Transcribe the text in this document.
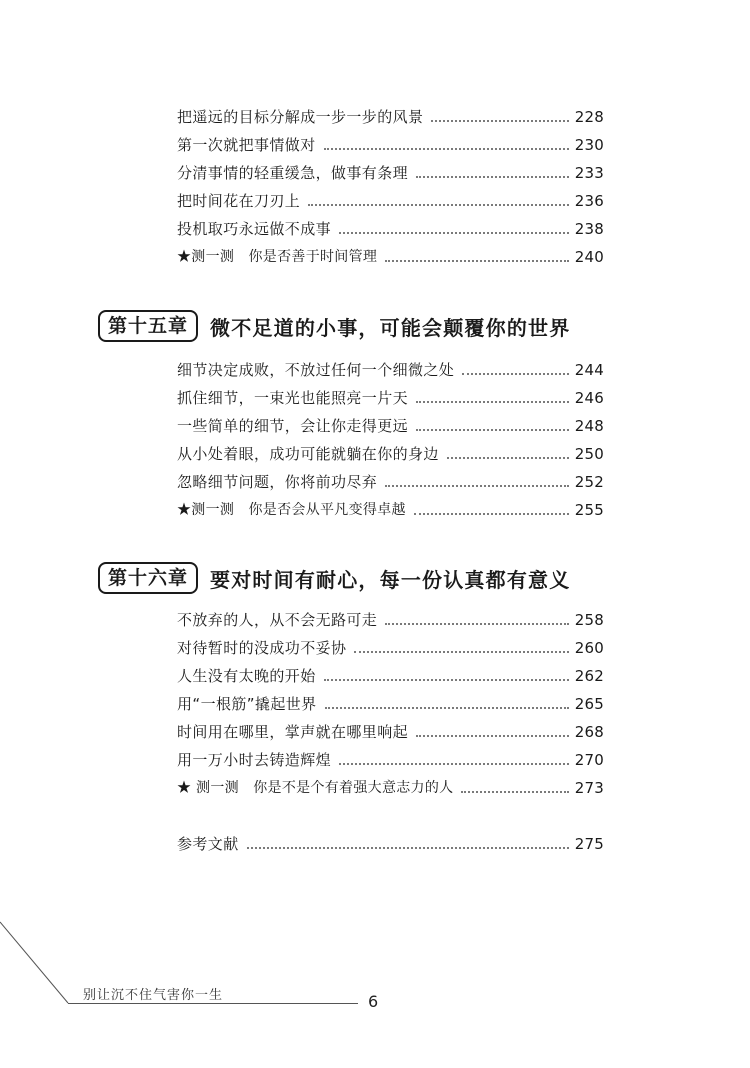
把遥远的目标分解成一步一步的风景	228
第一次就把事情做对	230
分清事情的轻重缓急，做事有条理	233
把时间花在刀刃上	236
投机取巧永远做不成事	238
★测一测　你是否善于时间管理	240
第十五章	微不足道的小事，可能会颠覆你的世界
细节决定成败，不放过任何一个细微之处	244
抓住细节，一束光也能照亮一片天	246
一些简单的细节，会让你走得更远	248
从小处着眼，成功可能就躺在你的身边	250
忽略细节问题，你将前功尽弃	252
★测一测　你是否会从平凡变得卓越	255
第十六章	要对时间有耐心，每一份认真都有意义
不放弃的人，从不会无路可走	258
对待暂时的没成功不妥协	260
人生没有太晚的开始	262
用“一根筋”撬起世界	265
时间用在哪里，掌声就在哪里响起	268
用一万小时去铸造辉煌	270
★ 测一测　你是不是个有着强大意志力的人	273
参考文献	275
别让沉不住气害你一生	6
